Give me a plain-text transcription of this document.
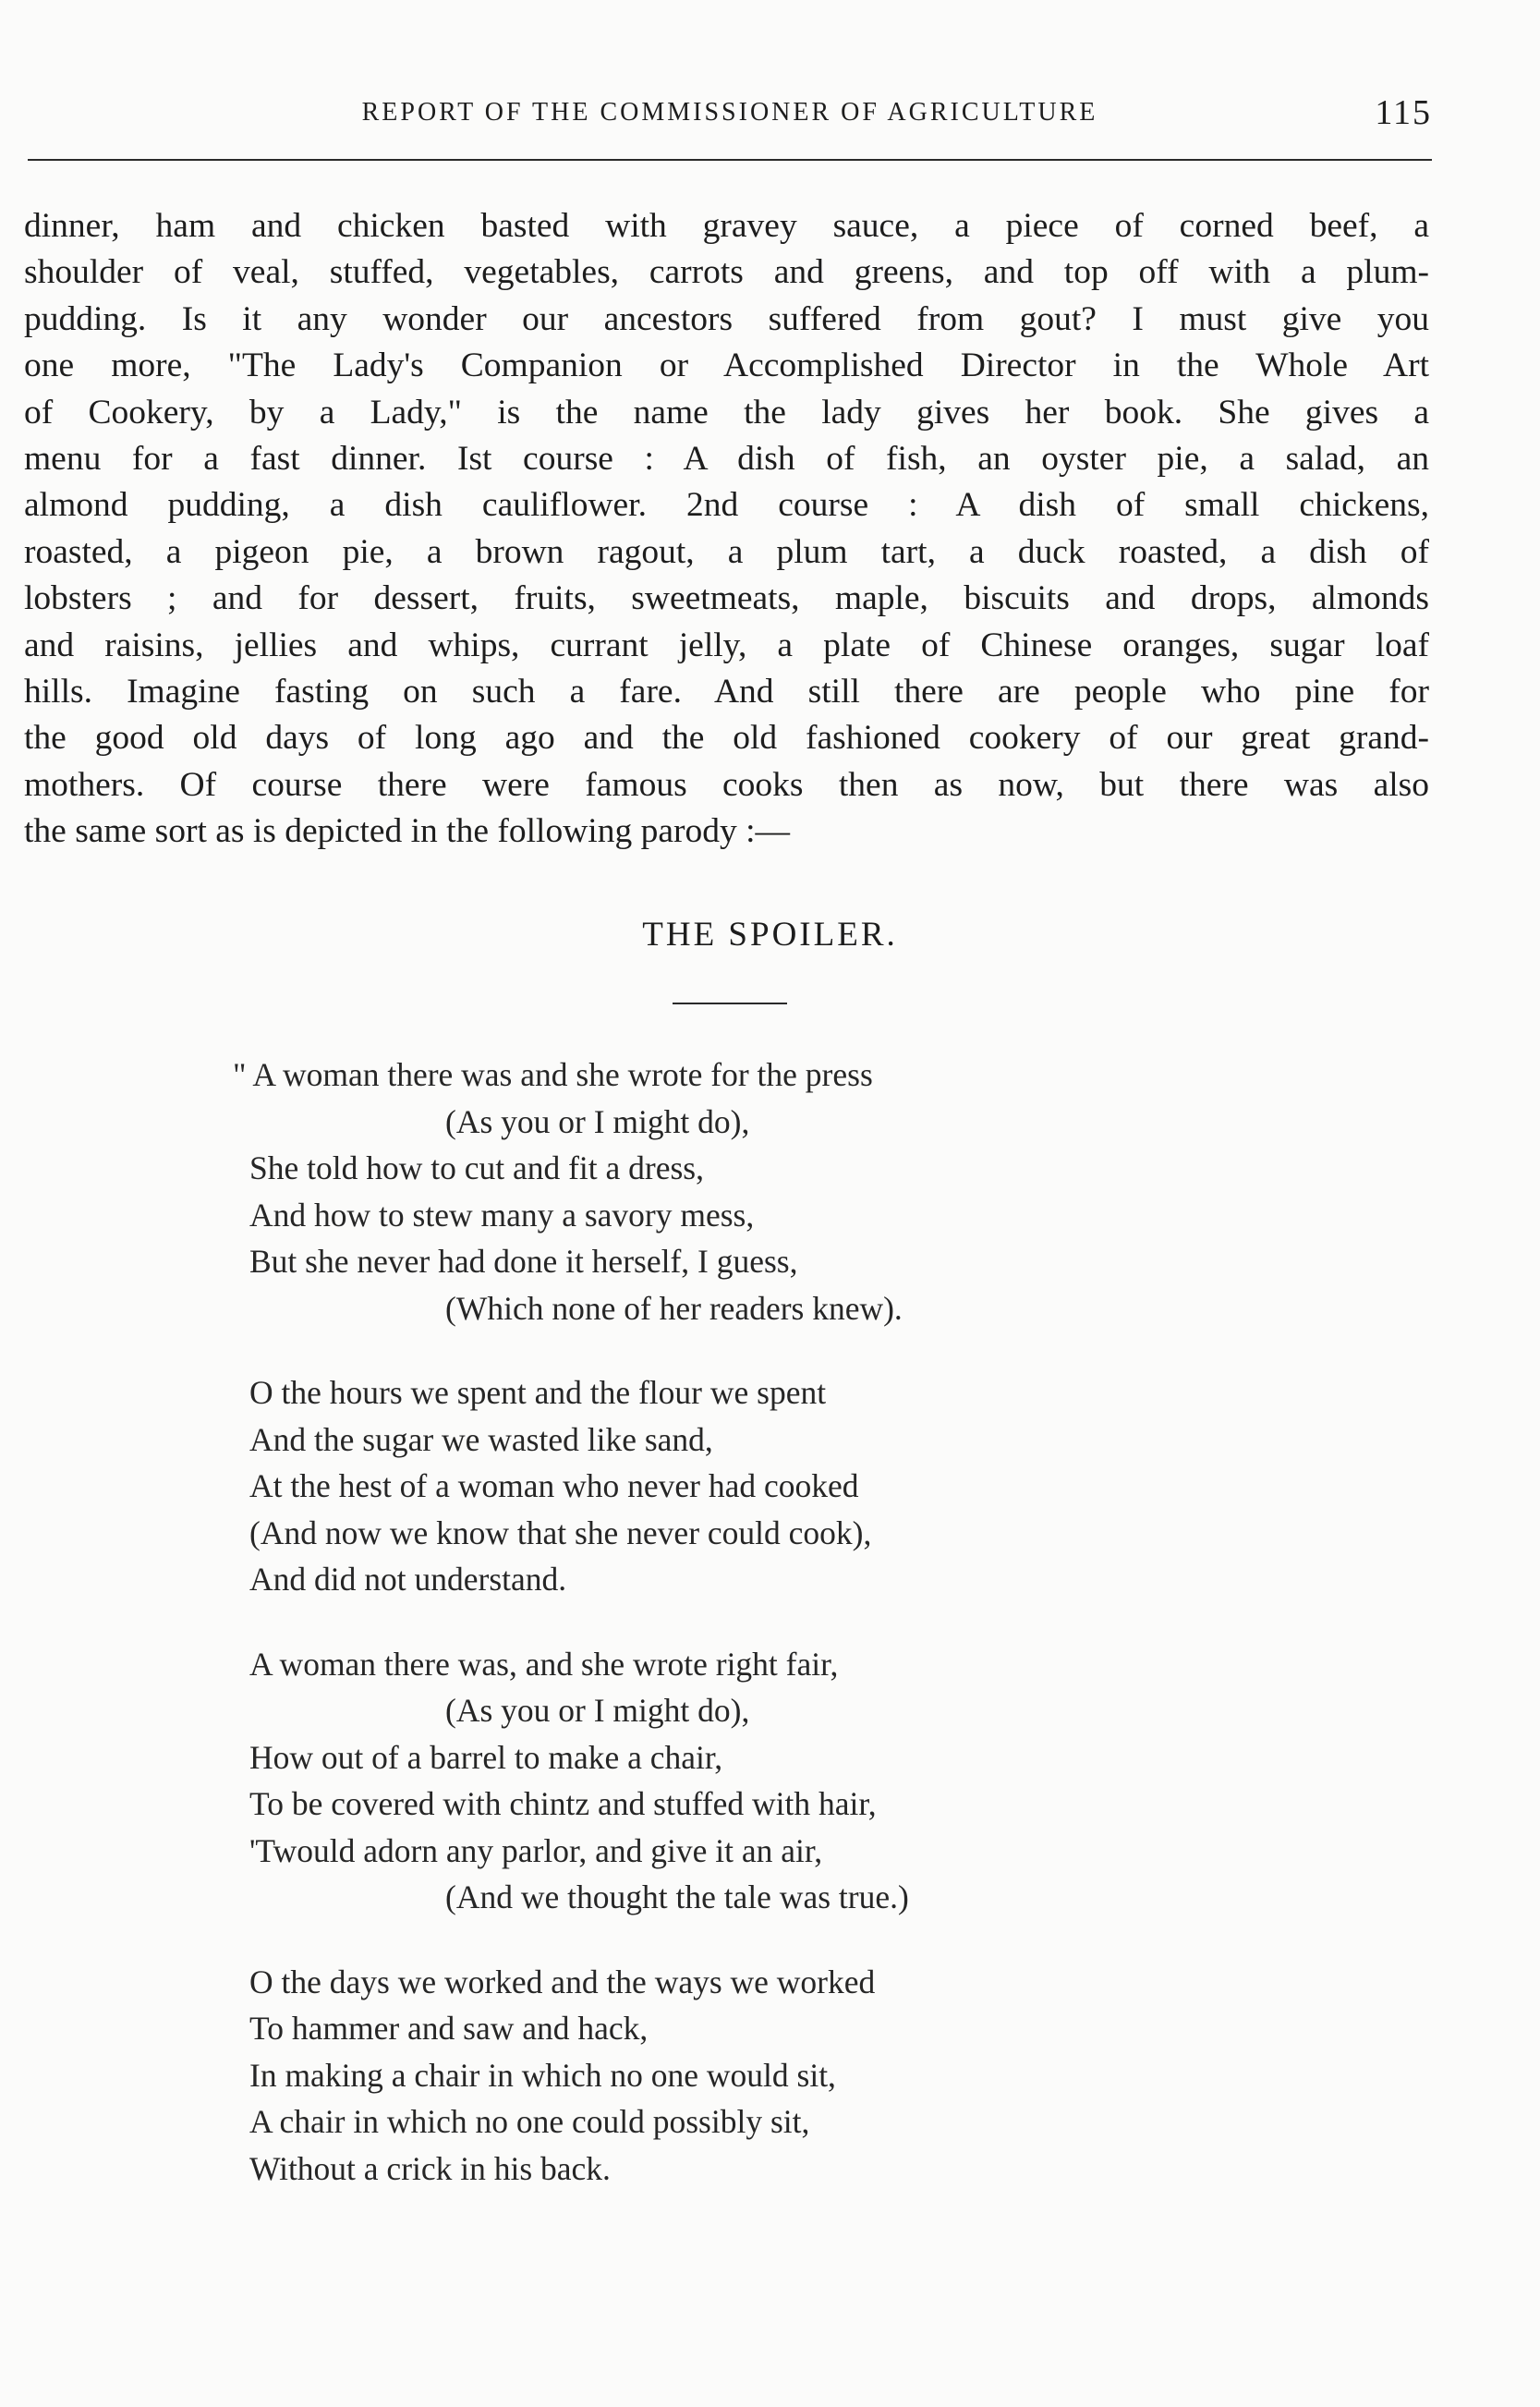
REPORT OF THE COMMISSIONER OF AGRICULTURE	115
dinner, ham and chicken basted with gravey sauce, a piece of corned beef, a
shoulder of veal, stuffed, vegetables, carrots and greens, and top off with a plum-
pudding. Is it any wonder our ancestors suffered from gout? I must give you
one more, "The Lady's Companion or Accomplished Director in the Whole Art
of Cookery, by a Lady," is the name the lady gives her book. She gives a
menu for a fast dinner. Ist course : A dish of fish, an oyster pie, a salad, an
almond pudding, a dish cauliflower. 2nd course : A dish of small chickens,
roasted, a pigeon pie, a brown ragout, a plum tart, a duck roasted, a dish of
lobsters ; and for dessert, fruits, sweetmeats, maple, biscuits and drops, almonds
and raisins, jellies and whips, currant jelly, a plate of Chinese oranges, sugar loaf
hills. Imagine fasting on such a fare. And still there are people who pine for
the good old days of long ago and the old fashioned cookery of our great grand-
mothers. Of course there were famous cooks then as now, but there was also
the same sort as is depicted in the following parody :—
THE SPOILER.
" A woman there was and she wrote for the press
(As you or I might do),
She told how to cut and fit a dress,
And how to stew many a savory mess,
But she never had done it herself, I guess,
(Which none of her readers knew).
O the hours we spent and the flour we spent
And the sugar we wasted like sand,
At the hest of a woman who never had cooked
(And now we know that she never could cook),
And did not understand.
A woman there was, and she wrote right fair,
(As you or I might do),
How out of a barrel to make a chair,
To be covered with chintz and stuffed with hair,
'Twould adorn any parlor, and give it an air,
(And we thought the tale was true.)
O the days we worked and the ways we worked
To hammer and saw and hack,
In making a chair in which no one would sit,
A chair in which no one could possibly sit,
Without a crick in his back.
